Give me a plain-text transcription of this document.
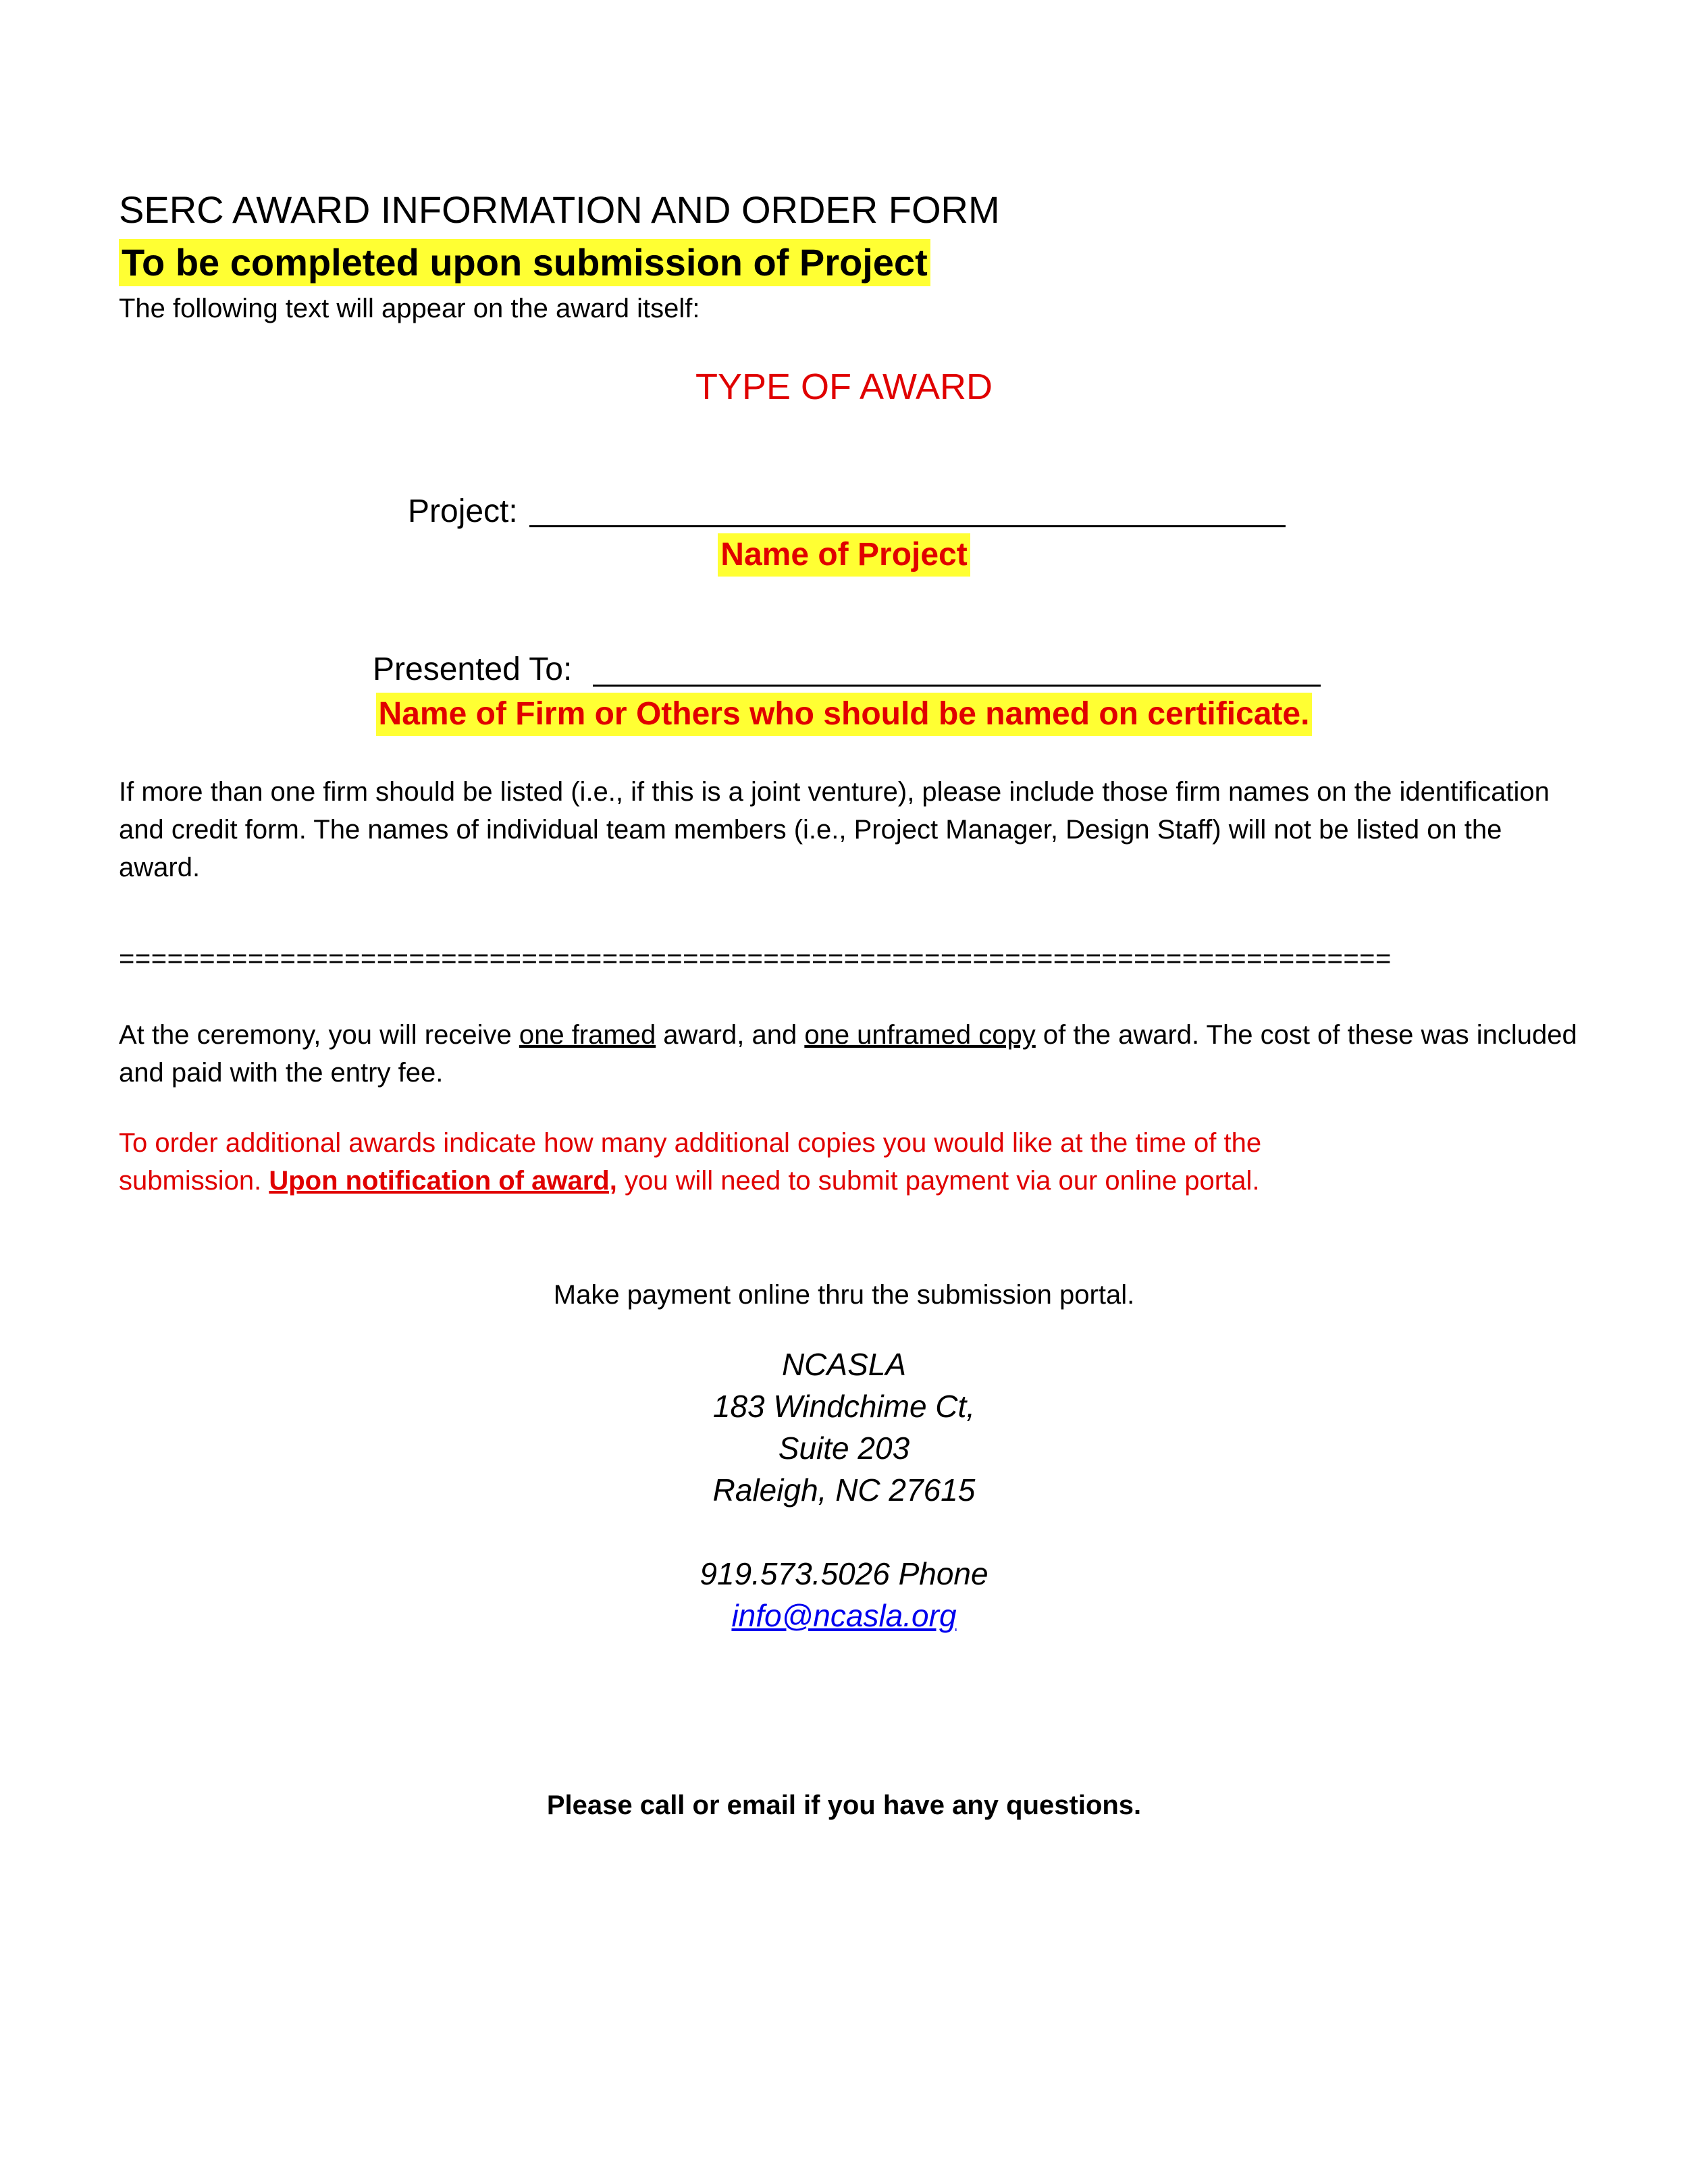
SERC AWARD INFORMATION AND ORDER FORM
To be completed upon submission of Project
The following text will appear on the award itself:
TYPE OF AWARD
Project:
Name of Project
Presented To:
Name of Firm or Others who should be named on certificate.
If more than one firm should be listed (i.e., if this is a joint venture), please include those firm names on the identification and credit form. The names of individual team members (i.e., Project Manager, Design Staff) will not be listed on the award.
===============================================================================
At the ceremony, you will receive one framed award, and one unframed copy of the award. The cost of these was included and paid with the entry fee.
To order additional awards indicate how many additional copies you would like at the time of the submission. Upon notification of award, you will need to submit payment via our online portal.
Make payment online thru the submission portal.
NCASLA
183 Windchime Ct,
Suite 203
Raleigh, NC 27615
919.573.5026 Phone
info@ncasla.org
Please call or email if you have any questions.
